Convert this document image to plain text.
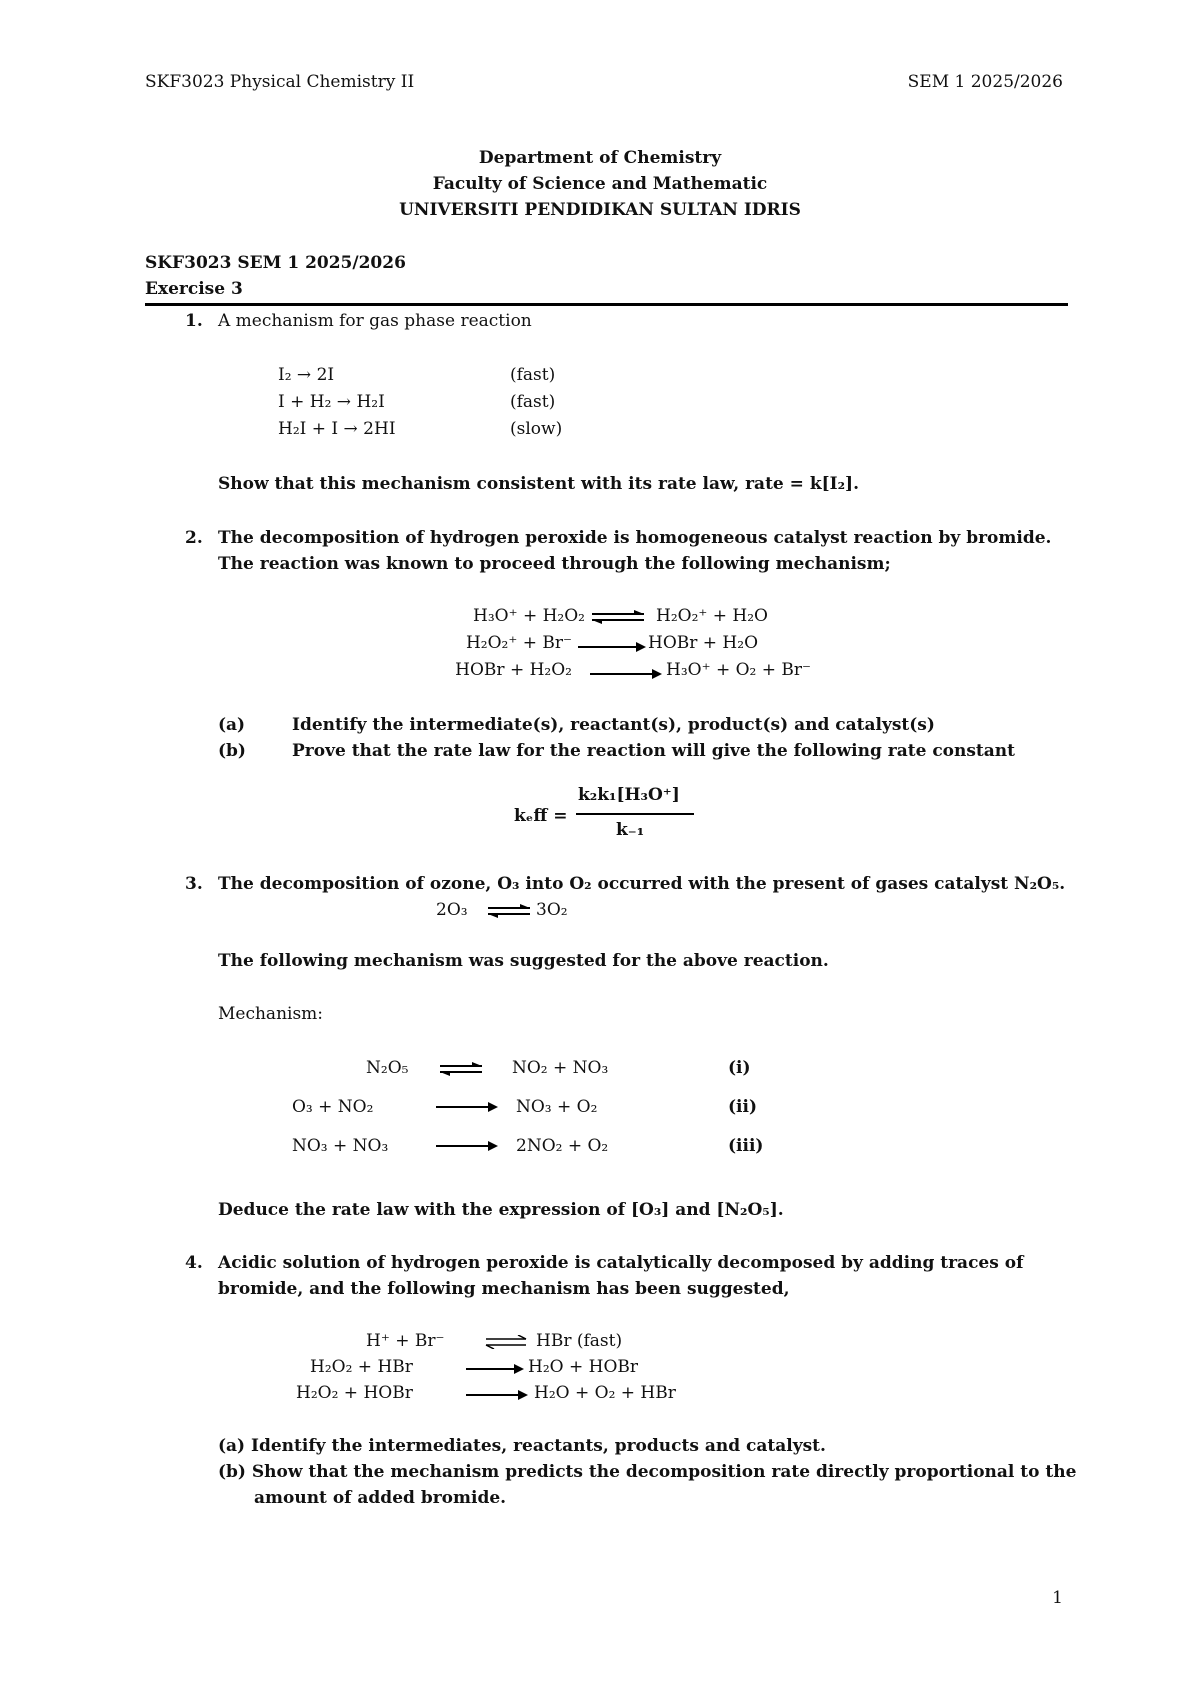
SKF3023 Physical Chemistry II	SEM 1 2025/2026
Department of Chemistry
Faculty of Science and Mathematic
UNIVERSITI PENDIDIKAN SULTAN IDRIS
SKF3023 SEM 1 2025/2026
Exercise 3
1. A mechanism for gas phase reaction
I₂ → 2I	(fast)
I + H₂ → H₂I	(fast)
H₂I + I → 2HI	(slow)
Show that this mechanism consistent with its rate law, rate = k[I₂].
2. The decomposition of hydrogen peroxide is homogeneous catalyst reaction by bromide.
The reaction was known to proceed through the following mechanism;
H₃O⁺ + H₂O₂ ⇌ H₂O₂⁺ + H₂O
H₂O₂⁺ + Br⁻	HOBr + H₂O
HOBr + H₂O₂	H₃O⁺ + O₂ + Br⁻
(a)	Identify the intermediate(s), reactant(s), product(s) and catalyst(s)
(b)	Prove that the rate law for the reaction will give the following rate constant
kₑff =
k₂k₁[H₃O⁺]
k₋₁
3. The decomposition of ozone, O₃ into O₂ occurred with the present of gases catalyst N₂O₅.
2O₃ ⇌ 3O₂
The following mechanism was suggested for the above reaction.
Mechanism:
N₂O₅	NO₂ + NO₃	(i)
O₃ + NO₂	→ NO₃ + O₂	(ii)
NO₃ + NO₃	→ 2NO₂ + O₂	(iii)
Deduce the rate law with the expression of [O₃] and [N₂O₅].
4. Acidic solution of hydrogen peroxide is catalytically decomposed by adding traces of
bromide, and the following mechanism has been suggested,
H⁺ + Br⁻ ⇌ HBr (fast)
H₂O₂ + HBr	→ H₂O + HOBr
H₂O₂ + HOBr	→ H₂O + O₂ + HBr
(a) Identify the intermediates, reactants, products and catalyst.
(b) Show that the mechanism predicts the decomposition rate directly proportional to the
amount of added bromide.
1
